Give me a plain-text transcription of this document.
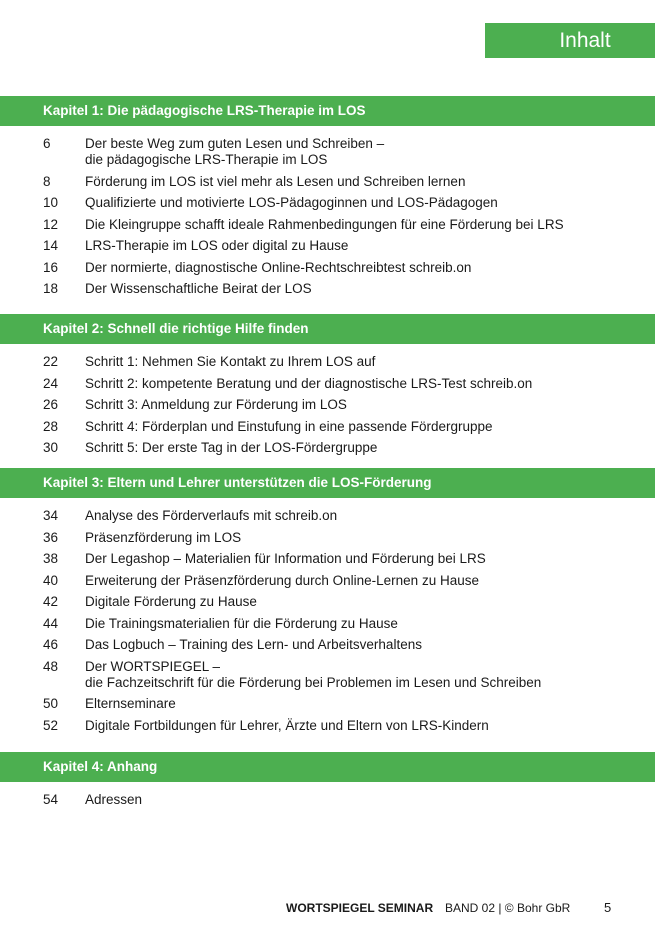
Inhalt
Kapitel 1: Die pädagogische LRS-Therapie im LOS
6	Der beste Weg zum guten Lesen und Schreiben –
die pädagogische LRS-Therapie im LOS
8	Förderung im LOS ist viel mehr als Lesen und Schreiben lernen
10	Qualifizierte und motivierte LOS-Pädagoginnen und LOS-Pädagogen
12	Die Kleingruppe schafft ideale Rahmenbedingungen für eine Förderung bei LRS
14	LRS-Therapie im LOS oder digital zu Hause
16	Der normierte, diagnostische Online-Rechtschreibtest schreib.on
18	Der Wissenschaftliche Beirat der LOS
Kapitel 2: Schnell die richtige Hilfe finden
22	Schritt 1: Nehmen Sie Kontakt zu Ihrem LOS auf
24	Schritt 2: kompetente Beratung und der diagnostische LRS-Test schreib.on
26	Schritt 3: Anmeldung zur Förderung im LOS
28	Schritt 4: Förderplan und Einstufung in eine passende Fördergruppe
30	Schritt 5: Der erste Tag in der LOS-Fördergruppe
Kapitel 3: Eltern und Lehrer unterstützen die LOS-Förderung
34	Analyse des Förderverlaufs mit schreib.on
36	Präsenzförderung im LOS
38	Der Legashop – Materialien für Information und Förderung bei LRS
40	Erweiterung der Präsenzförderung durch Online-Lernen zu Hause
42	Digitale Förderung zu Hause
44	Die Trainingsmaterialien für die Förderung zu Hause
46	Das Logbuch – Training des Lern- und Arbeitsverhaltens
48	Der WORTSPIEGEL –
die Fachzeitschrift für die Förderung bei Problemen im Lesen und Schreiben
50	Elternseminare
52	Digitale Fortbildungen für Lehrer, Ärzte und Eltern von LRS-Kindern
Kapitel 4: Anhang
54	Adressen
WORTSPIEGEL SEMINAR BAND 02 | © Bohr GbR	5
